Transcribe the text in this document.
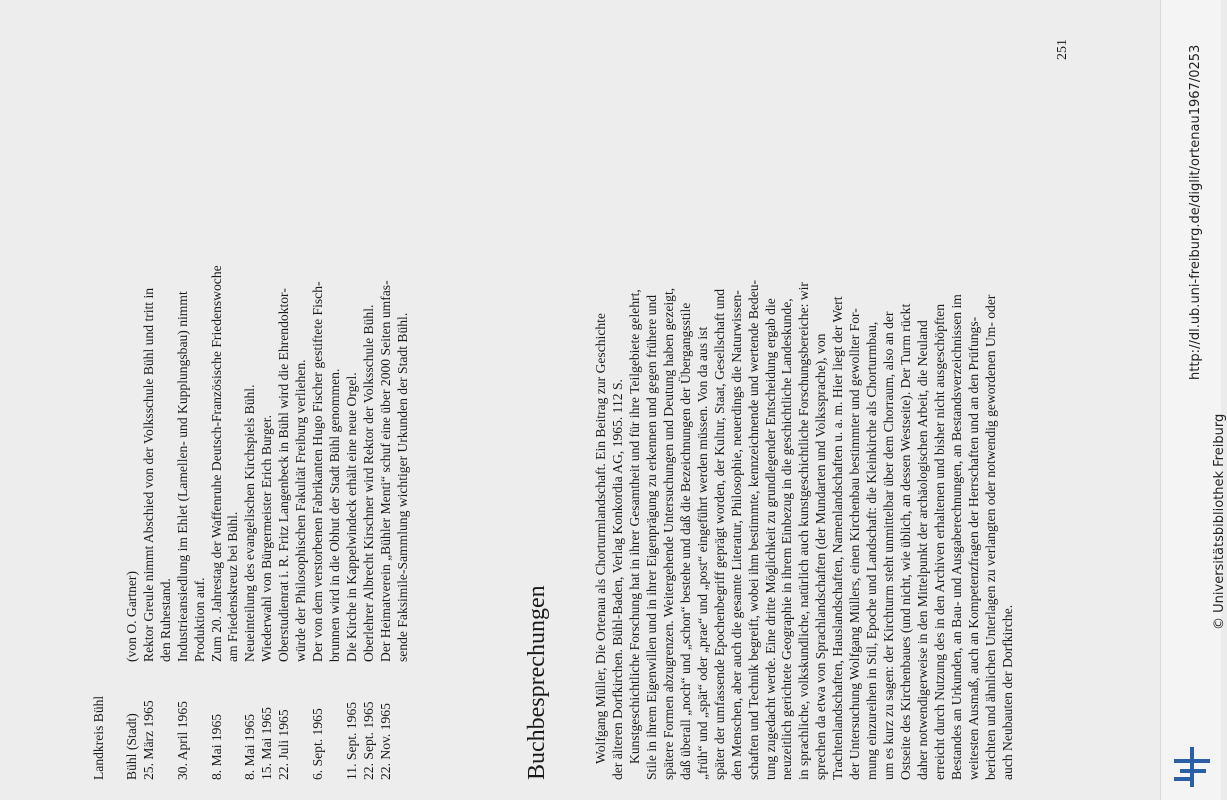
Landkreis Bühl Bühl (Stadt)
(von O. Gartner)
25. März 1965
Rektor Greule nimmt Abschied von der Volksschule Bühl und tritt in den Ruhestand.
30. April 1965
Industrieansiedlung im Ehlet (Lamellen- und Kupplungsbau) nimmt Produktion auf.
8. Mai 1965
Zum 20. Jahrestag der Waffenruhe Deutsch-Französische Friedenswoche am Friedenskreuz bei Bühl.
8. Mai 1965
Neueinteilung des evangelischen Kirchspiels Bühl.
15. Mai 1965
Wiederwahl von Bürgermeister Erich Burger.
22. Juli 1965
Oberstudienrat i. R. Fritz Langenbeck in Bühl wird die Ehrendoktor- würde der Philosophischen Fakultät Freiburg verliehen.
6. Sept. 1965
Der von dem verstorbenen Fabrikanten Hugo Fischer gestiftete Fisch- brunnen wird in die Obhut der Stadt Bühl genommen.
11. Sept. 1965
Die Kirche in Kappelwindeck erhält eine neue Orgel.
22. Sept. 1965
Oberlehrer Albrecht Kirschner wird Rektor der Volksschule Bühl.
22. Nov. 1965
Der Heimatverein „Bühler Menti“ schuf eine über 2000 Seiten umfas- sende Faksimile-Sammlung wichtiger Urkunden der Stadt Bühl.
Buchbesprechungen	Wolfgang Müller, Die Ortenau als Chorturmlandschaft. Ein Beitrag zur Geschichte der älteren Dorfkirchen. Bühl-Baden, Verlag Konkordia AG, 1965. 112 S. Kunstgeschichtliche Forschung hat in ihrer Gesamtheit und für ihre Teilgebiete gelehrt, Stile in ihrem Eigenwillen und in ihrer Eigenprägung zu erkennen und gegen frühere und spätere Formen abzugrenzen. Weitergehende Untersuchungen und Deutung haben gezeigt, daß überall „noch“ und „schon“ bestehe und daß die Bezeichnungen der Übergangsstile „früh“ und „spät“ oder „prae“ und „post“ eingeführt werden müssen. Von da aus ist später der umfassende Epochenbegriff geprägt worden, der Kultur, Staat, Gesellschaft und den Menschen, aber auch die gesamte Literatur, Philosophie, neuerdings die Naturwissen- schaften und Technik begreift, wobei ihm bestimmte, kennzeichnende und wertende Bedeu- tung zugedacht werde. Eine dritte Möglichkeit zu grundlegender Entscheidung ergab die neuzeitlich gerichtete Geographie in ihrem Einbezug in die geschichtliche Landeskunde, in sprachliche, volkskundliche, natürlich auch kunstgeschichtliche Forschungsbereiche: wir sprechen da etwa von Sprachlandschaften (der Mundarten und Volkssprache), von Trachtenlandschaften, Hauslandschaften, Namenlandschaften u. a. m. Hier liegt der Wert der Untersuchung Wolfgang Müllers, einen Kirchenbau bestimmter und gewollter For- mung einzureihen in Stil, Epoche und Landschaft: die Kleinkirche als Chorturmbau, um es kurz zu sagen: der Kirchturm steht unmittelbar über dem Chorraum, also an der Ostseite des Kirchenbaues (und nicht, wie üblich, an dessen Westseite). Der Turm rückt daher notwendigerweise in den Mittelpunkt der archäologischen Arbeit, die Neuland erreicht durch Nutzung des in den Archiven erhaltenen und bisher nicht ausgeschöpften Bestandes an Urkunden, an Bau- und Ausgaberechnungen, an Bestandsverzeichnissen im weitesten Ausmaß, auch an Kompetenzfragen der Herrschaften und an den Prüfungs- berichten und ähnlichen Unterlagen zu verlangten oder notwendig gewordenen Um- oder auch Neubauten der Dorfkirche.

251	http://dl.ub.uni-freiburg.de/diglit/ortenau1967/0253
© Universitätsbibliothek Freiburg
